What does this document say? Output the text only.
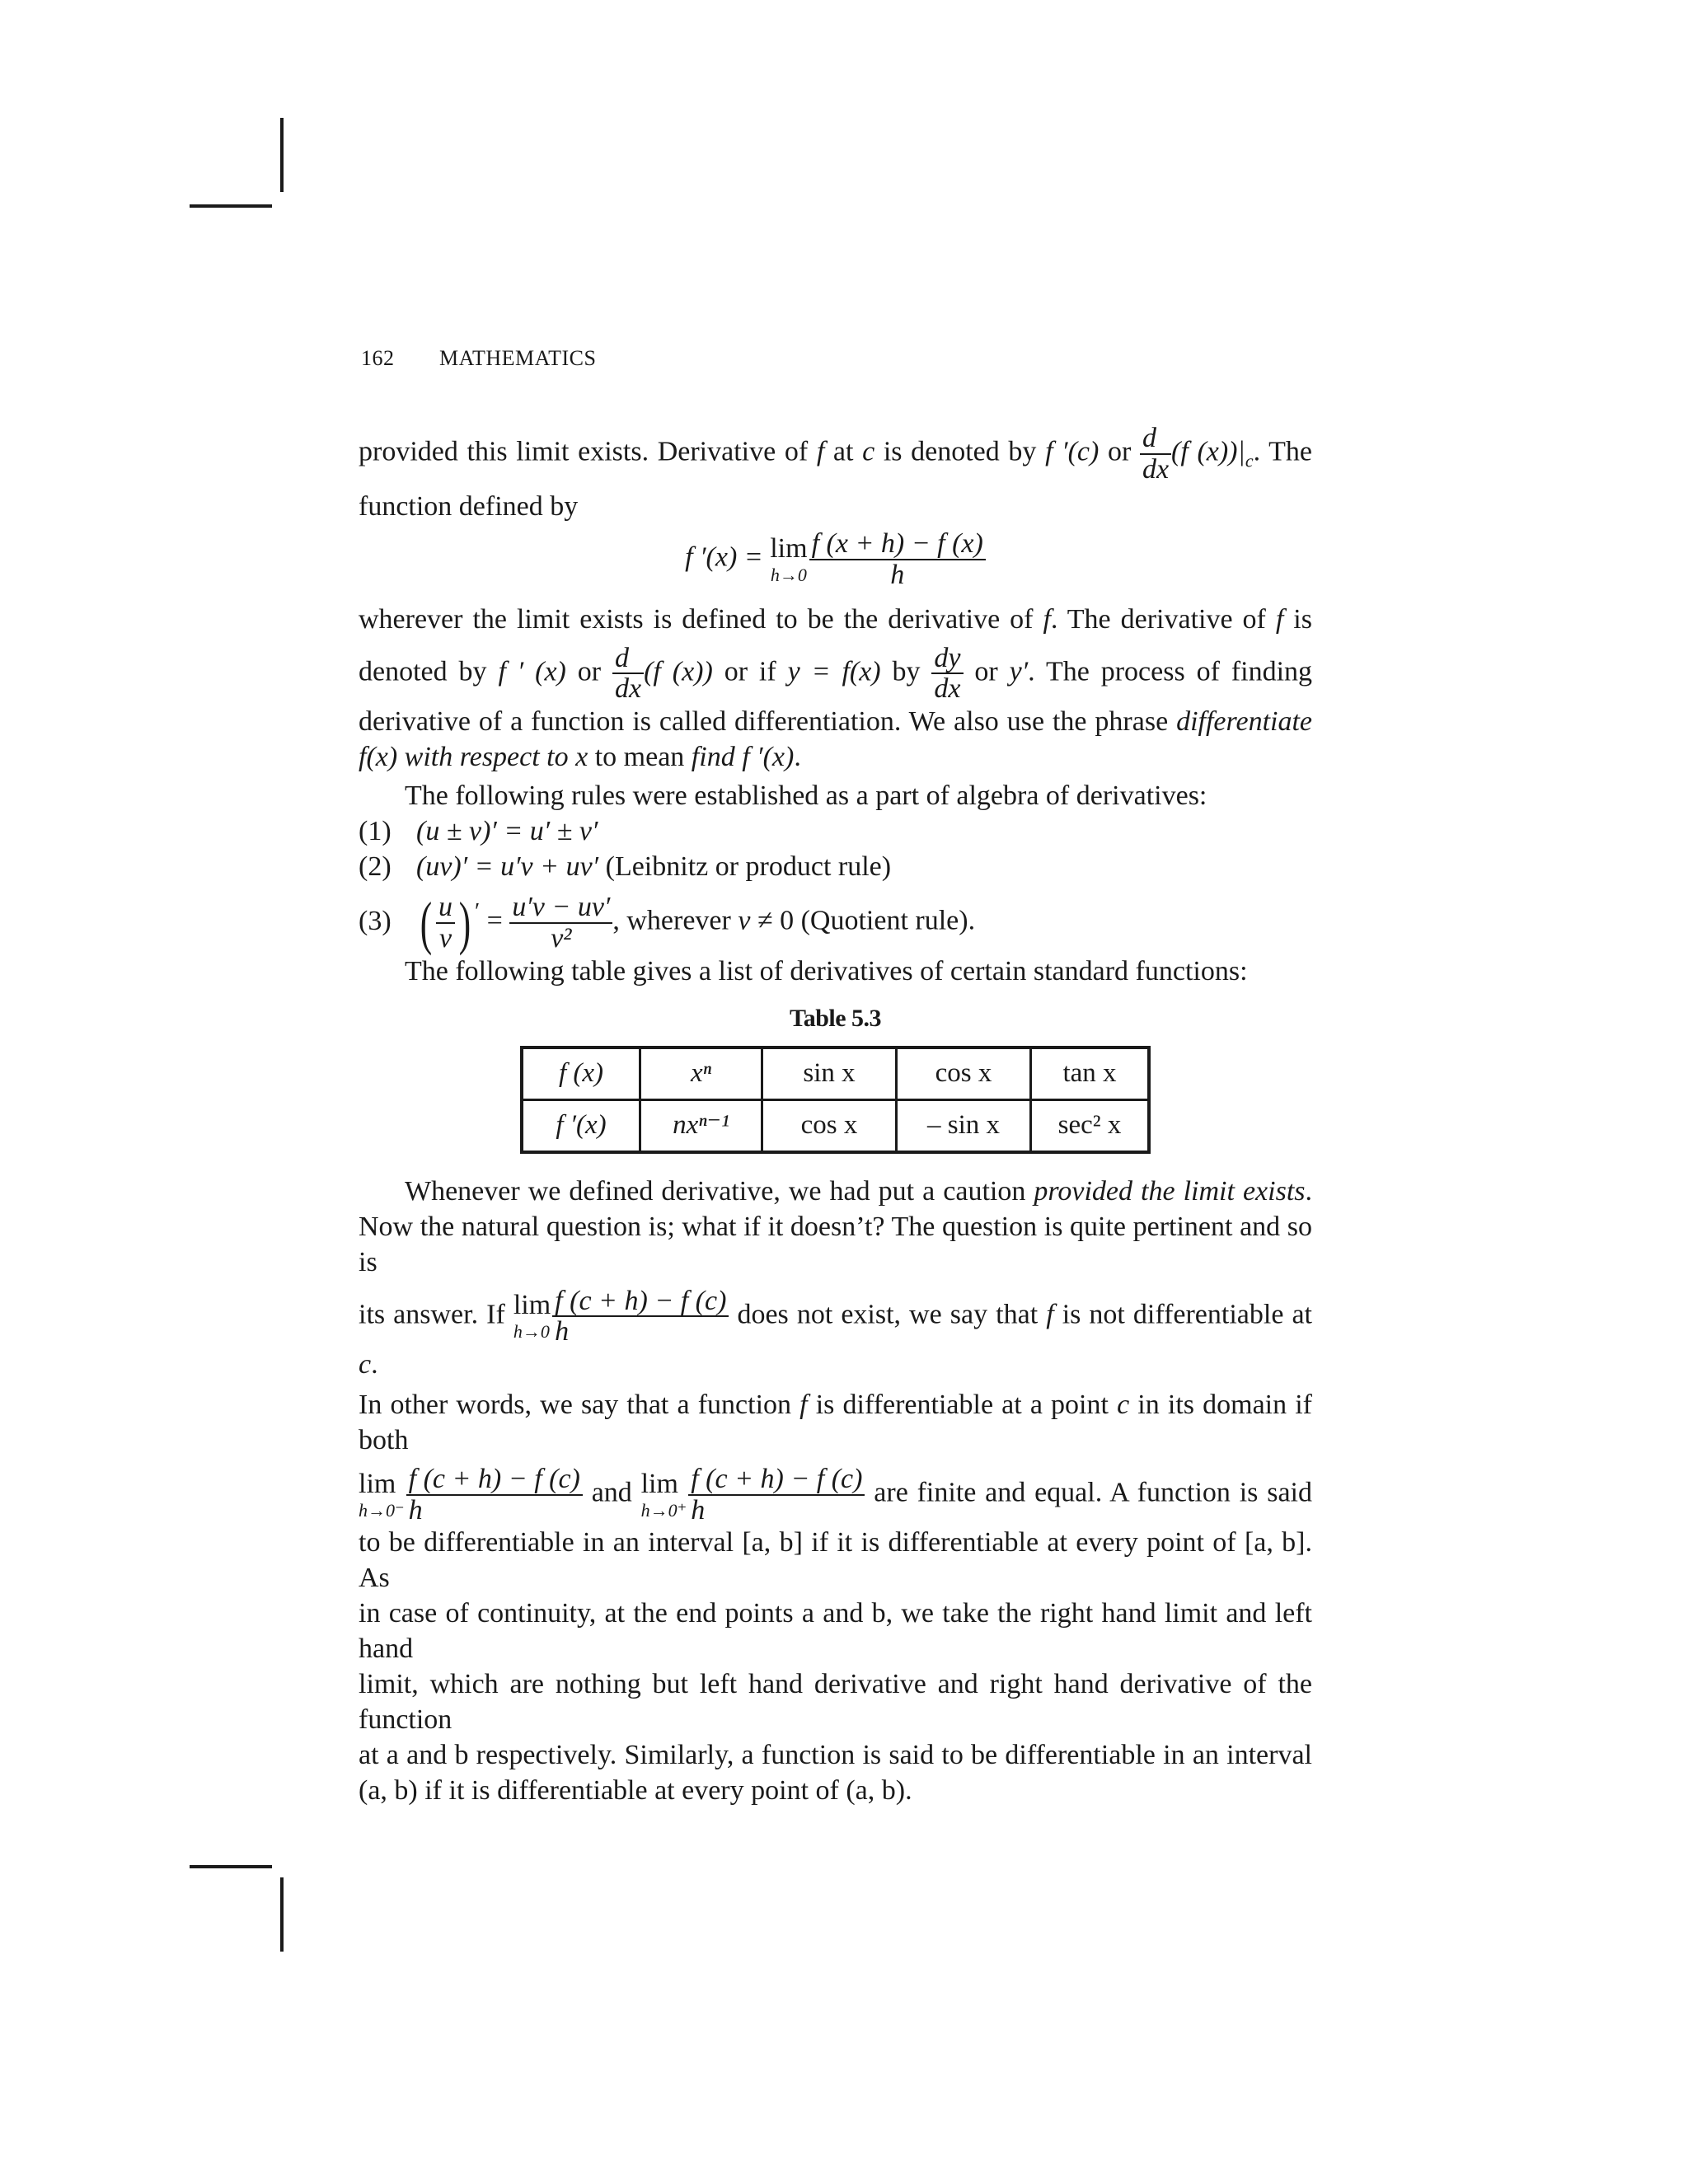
162 MATHEMATICS

provided this limit exists. Derivative of f at c is denoted by f ′(c) or $\frac{d}{dx} (f$ $(x))|_c$. The

function defined by

f ′(x) = lim
$h\to 0 \frac{f (x + h) - f (x)}{h}$

wherever the limit exists is defined to be the derivative of f. The derivative of f is

denoted by f ′ (x) or $\frac{d}{dx} (f$ (x)) or if y = f(x) by $\frac{dy}{dx}$ or y′. The process of finding

derivative of a function is called differentiation. We also use the phrase differentiate

f(x) with respect to x to mean find f ′(x).

The following rules were established as a part of algebra of derivatives:

(1) (u ± v)′ = u′ ± v′

(2) (uv)′ = u′v + uv′ (Leibnitz or product rule)

(3) ( $\frac{u}{v}$ ) $' = \frac{u'v - uv'}{\text{v²}}$ , wherever v ≠ 0 (Quotient rule).

The following table gives a list of derivatives of certain standard functions:

Table 5.3
f (x)	xⁿ	sin x	cos x	tan x
f ′(x)	nxⁿ⁻¹	cos x	– sin x	sec² x

Whenever we defined derivative, we had put a caution provided the limit exists.

Now the natural question is; what if it doesn’t? The question is quite pertinent and so is

its answer. If lim
$h\to 0 \frac{f (c + h) - f (c)}{h}$ does not exist, we say that f is not differentiable at c.

In other words, we say that a function f is differentiable at a point c in its domain if both

lim
$h\to 0^- \frac{f (c + h) - f (c)}{h}$ and lim
$h\to 0^+ \frac{f (c + h) - f (c)}{h}$ are finite and equal. A function is said

to be differentiable in an interval [a, b] if it is differentiable at every point of [a, b]. As

in case of continuity, at the end points a and b, we take the right hand limit and left hand

limit, which are nothing but left hand derivative and right hand derivative of the function

at a and b respectively. Similarly, a function is said to be differentiable in an interval

(a, b) if it is differentiable at every point of (a, b).
